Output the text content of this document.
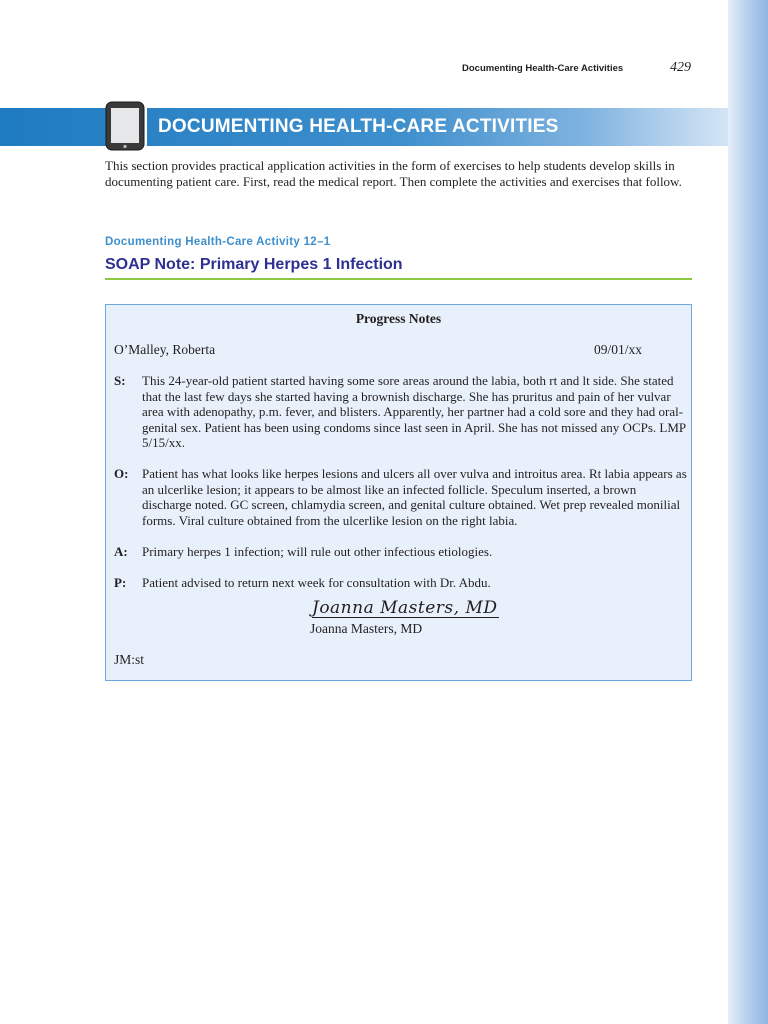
Documenting Health-Care Activities	429
DOCUMENTING HEALTH-CARE ACTIVITIES

This section provides practical application activities in the form of exercises to help students develop skills in documenting patient care. First, read the medical report. Then complete the activities and exercises that follow.

Documenting Health-Care Activity 12–1
SOAP Note: Primary Herpes 1 Infection
Progress Notes
O’Malley, Roberta	09/01/xx
S: This 24-year-old patient started having some sore areas around the labia, both rt and lt side. She stated that the last few days she started having a brownish discharge. She has pruritus and pain of her vulvar area with adenopathy, p.m. fever, and blisters. Apparently, her partner had a cold sore and they had oral-genital sex. Patient has been using condoms since last seen in April. She has not missed any OCPs. LMP 5/15/xx.

O: Patient has what looks like herpes lesions and ulcers all over vulva and introitus area. Rt labia appears as an ulcerlike lesion; it appears to be almost like an infected follicle. Speculum inserted, a brown discharge noted. GC screen, chlamydia screen, and genital culture obtained. Wet prep revealed monilial forms. Viral culture obtained from the ulcerlike lesion on the right labia.

A: Primary herpes 1 infection; will rule out other infectious etiologies.

P: Patient advised to return next week for consultation with Dr. Abdu.

Joanna Masters, MD
Joanna Masters, MD
JM:st
